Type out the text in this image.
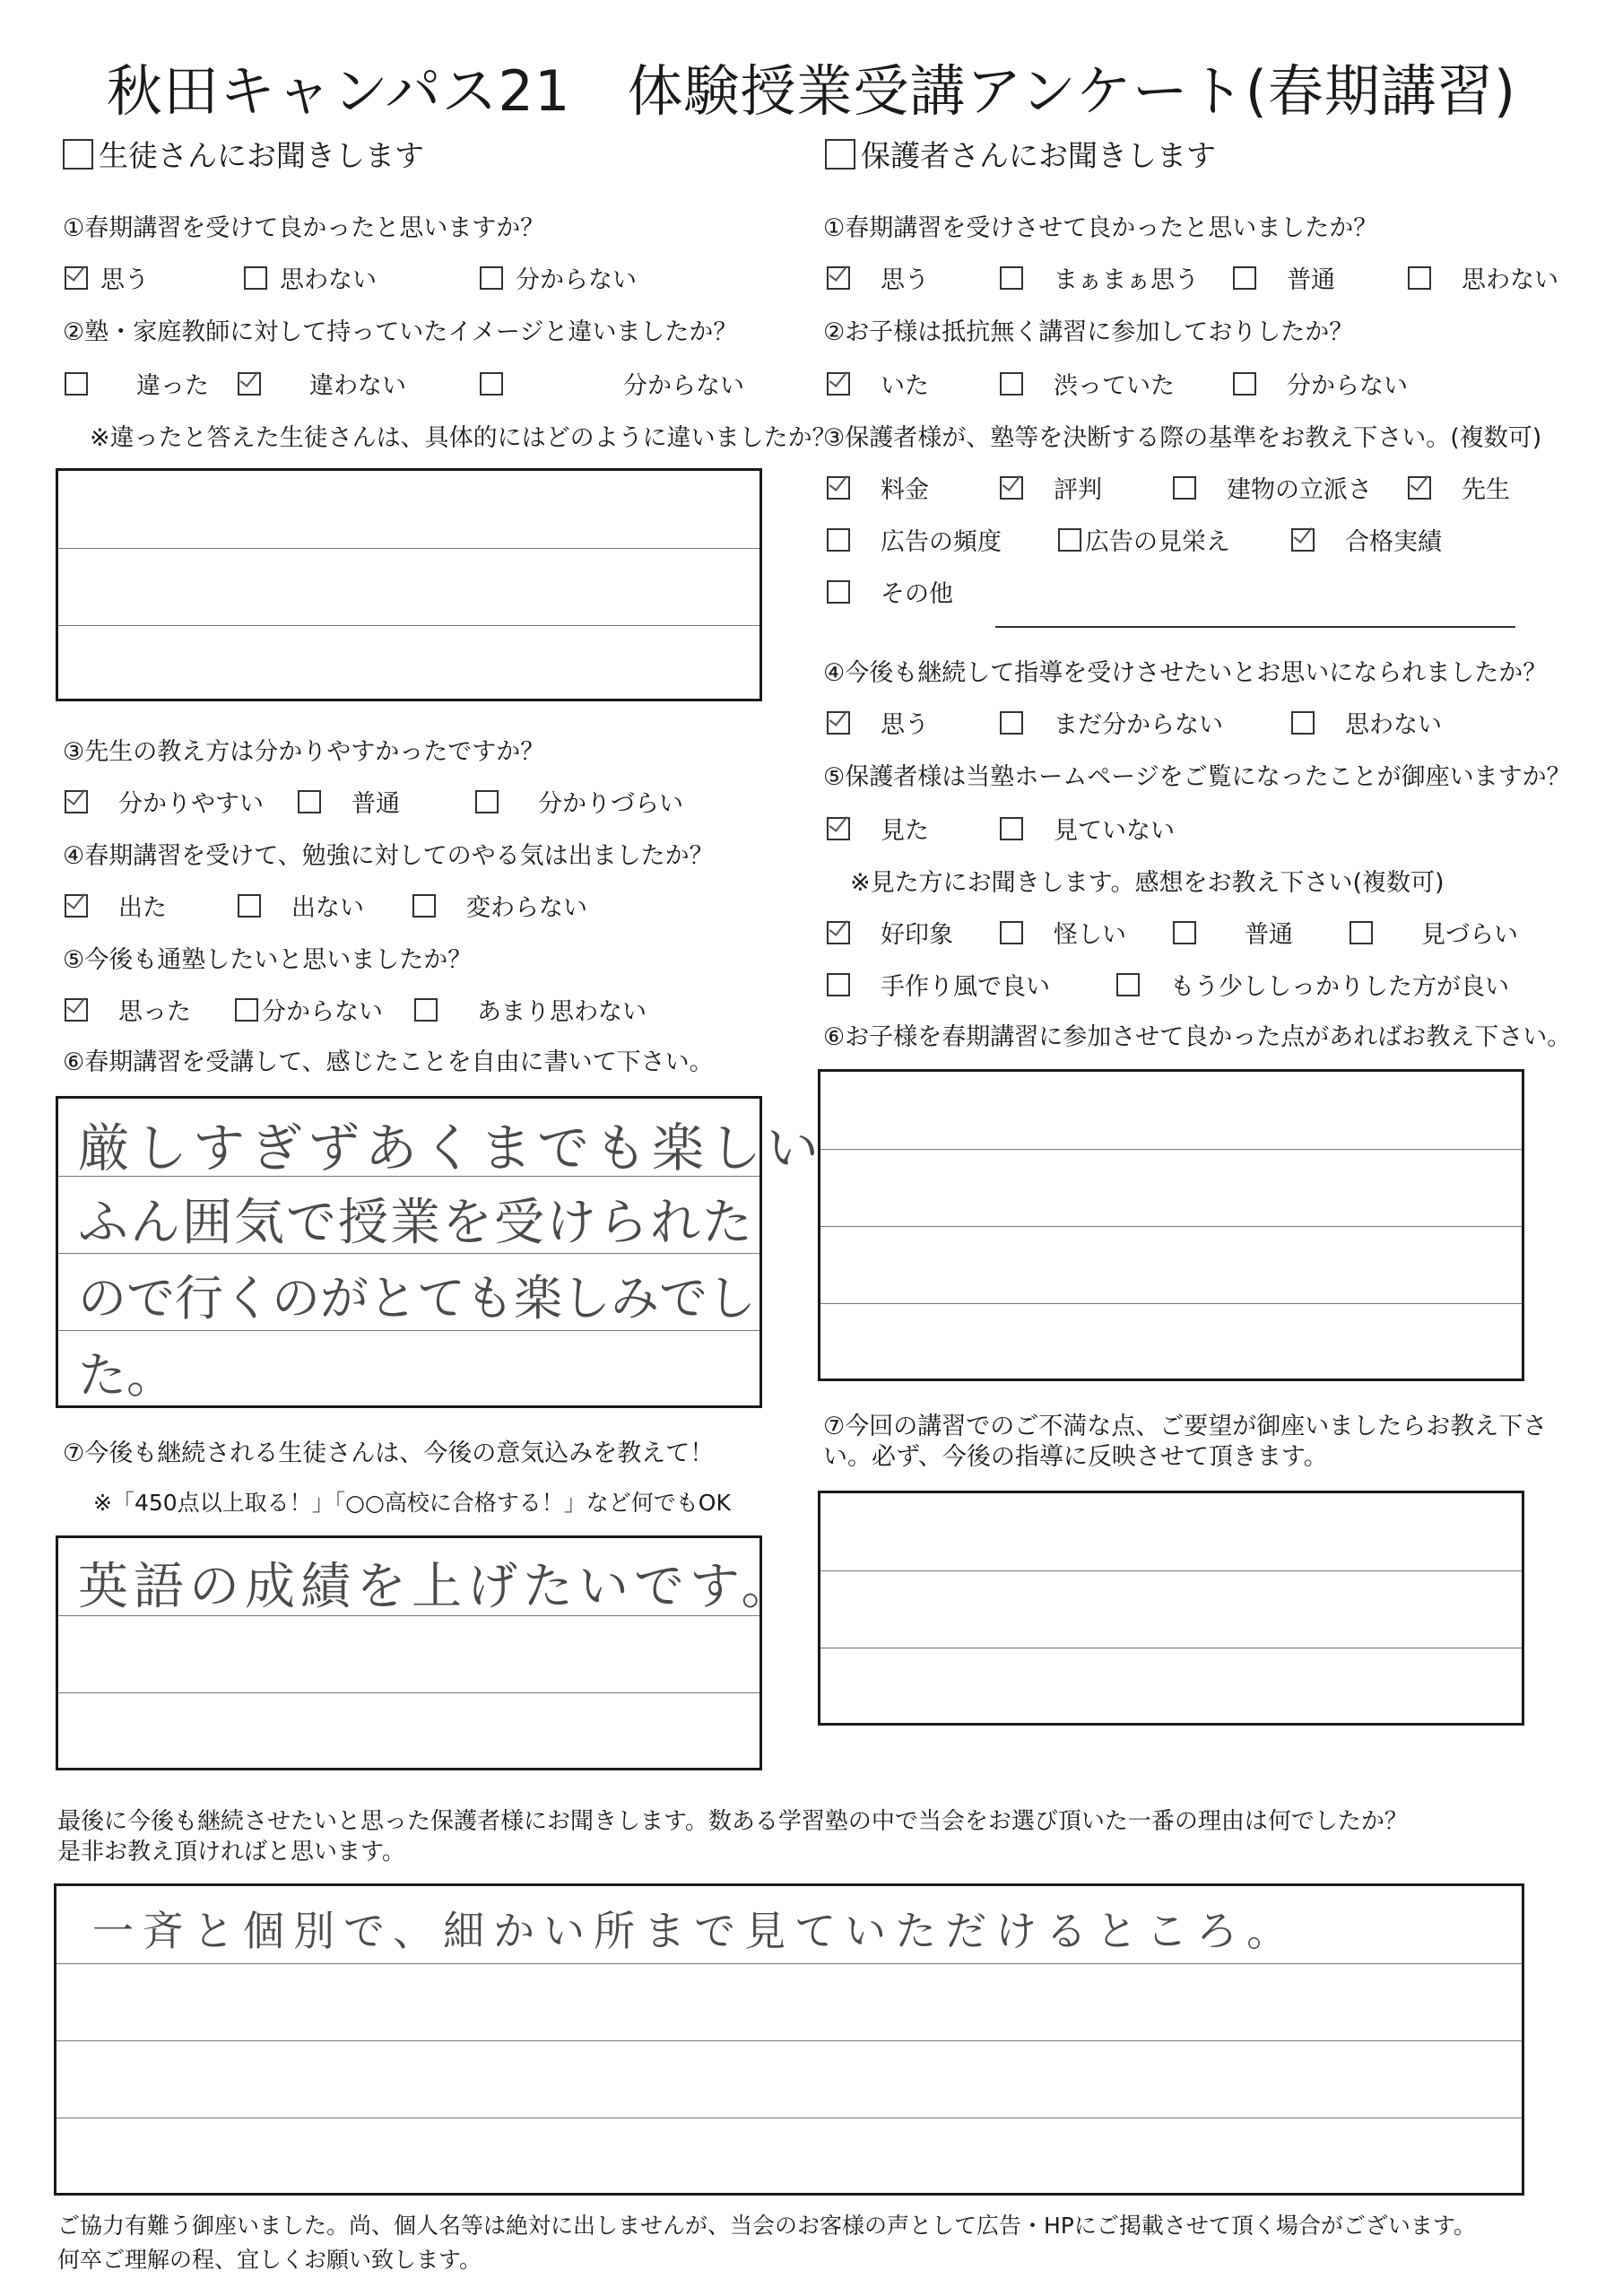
秋田キャンパス21　体験授業受講アンケート(春期講習)
生徒さんにお聞きします
①春期講習を受けて良かったと思いますか？
思う	思わない	分からない
②塾・家庭教師に対して持っていたイメージと違いましたか？
違った	違わない	分からない
※違ったと答えた生徒さんは、具体的にはどのように違いましたか？
③先生の教え方は分かりやすかったですか？
分かりやすい	普通	分かりづらい
④春期講習を受けて、勉強に対してのやる気は出ましたか？
出た	出ない	変わらない
⑤今後も通塾したいと思いましたか？
思った	分からない	あまり思わない
⑥春期講習を受講して、感じたことを自由に書いて下さい。
厳しすぎずあくまでも楽しい
ふん囲気で授業を受けられた
ので行くのがとても楽しみでし
た。
⑦今後も継続される生徒さんは、今後の意気込みを教えて！
※「450点以上取る！」「○○高校に合格する！」など何でもOK
英語の成績を上げたいです。
保護者さんにお聞きします
①春期講習を受けさせて良かったと思いましたか？
思う	まぁまぁ思う	普通	思わない
②お子様は抵抗無く講習に参加しておりしたか？
いた	渋っていた	分からない
③保護者様が、塾等を決断する際の基準をお教え下さい。(複数可)
料金	評判	建物の立派さ	先生
広告の頻度	広告の見栄え	合格実績
その他
④今後も継続して指導を受けさせたいとお思いになられましたか？
思う	まだ分からない	思わない
⑤保護者様は当塾ホームページをご覧になったことが御座いますか？
見た	見ていない
※見た方にお聞きします。感想をお教え下さい(複数可)
好印象	怪しい	普通	見づらい
手作り風で良い	もう少ししっかりした方が良い
⑥お子様を春期講習に参加させて良かった点があればお教え下さい。
⑦今回の講習でのご不満な点、ご要望が御座いましたらお教え下さ
い。必ず、今後の指導に反映させて頂きます。
最後に今後も継続させたいと思った保護者様にお聞きします。数ある学習塾の中で当会をお選び頂いた一番の理由は何でしたか？
是非お教え頂ければと思います。
一斉と個別で、細かい所まで見ていただけるところ。
ご協力有難う御座いました。尚、個人名等は絶対に出しませんが、当会のお客様の声として広告・HPにご掲載させて頂く場合がございます。
何卒ご理解の程、宜しくお願い致します。
